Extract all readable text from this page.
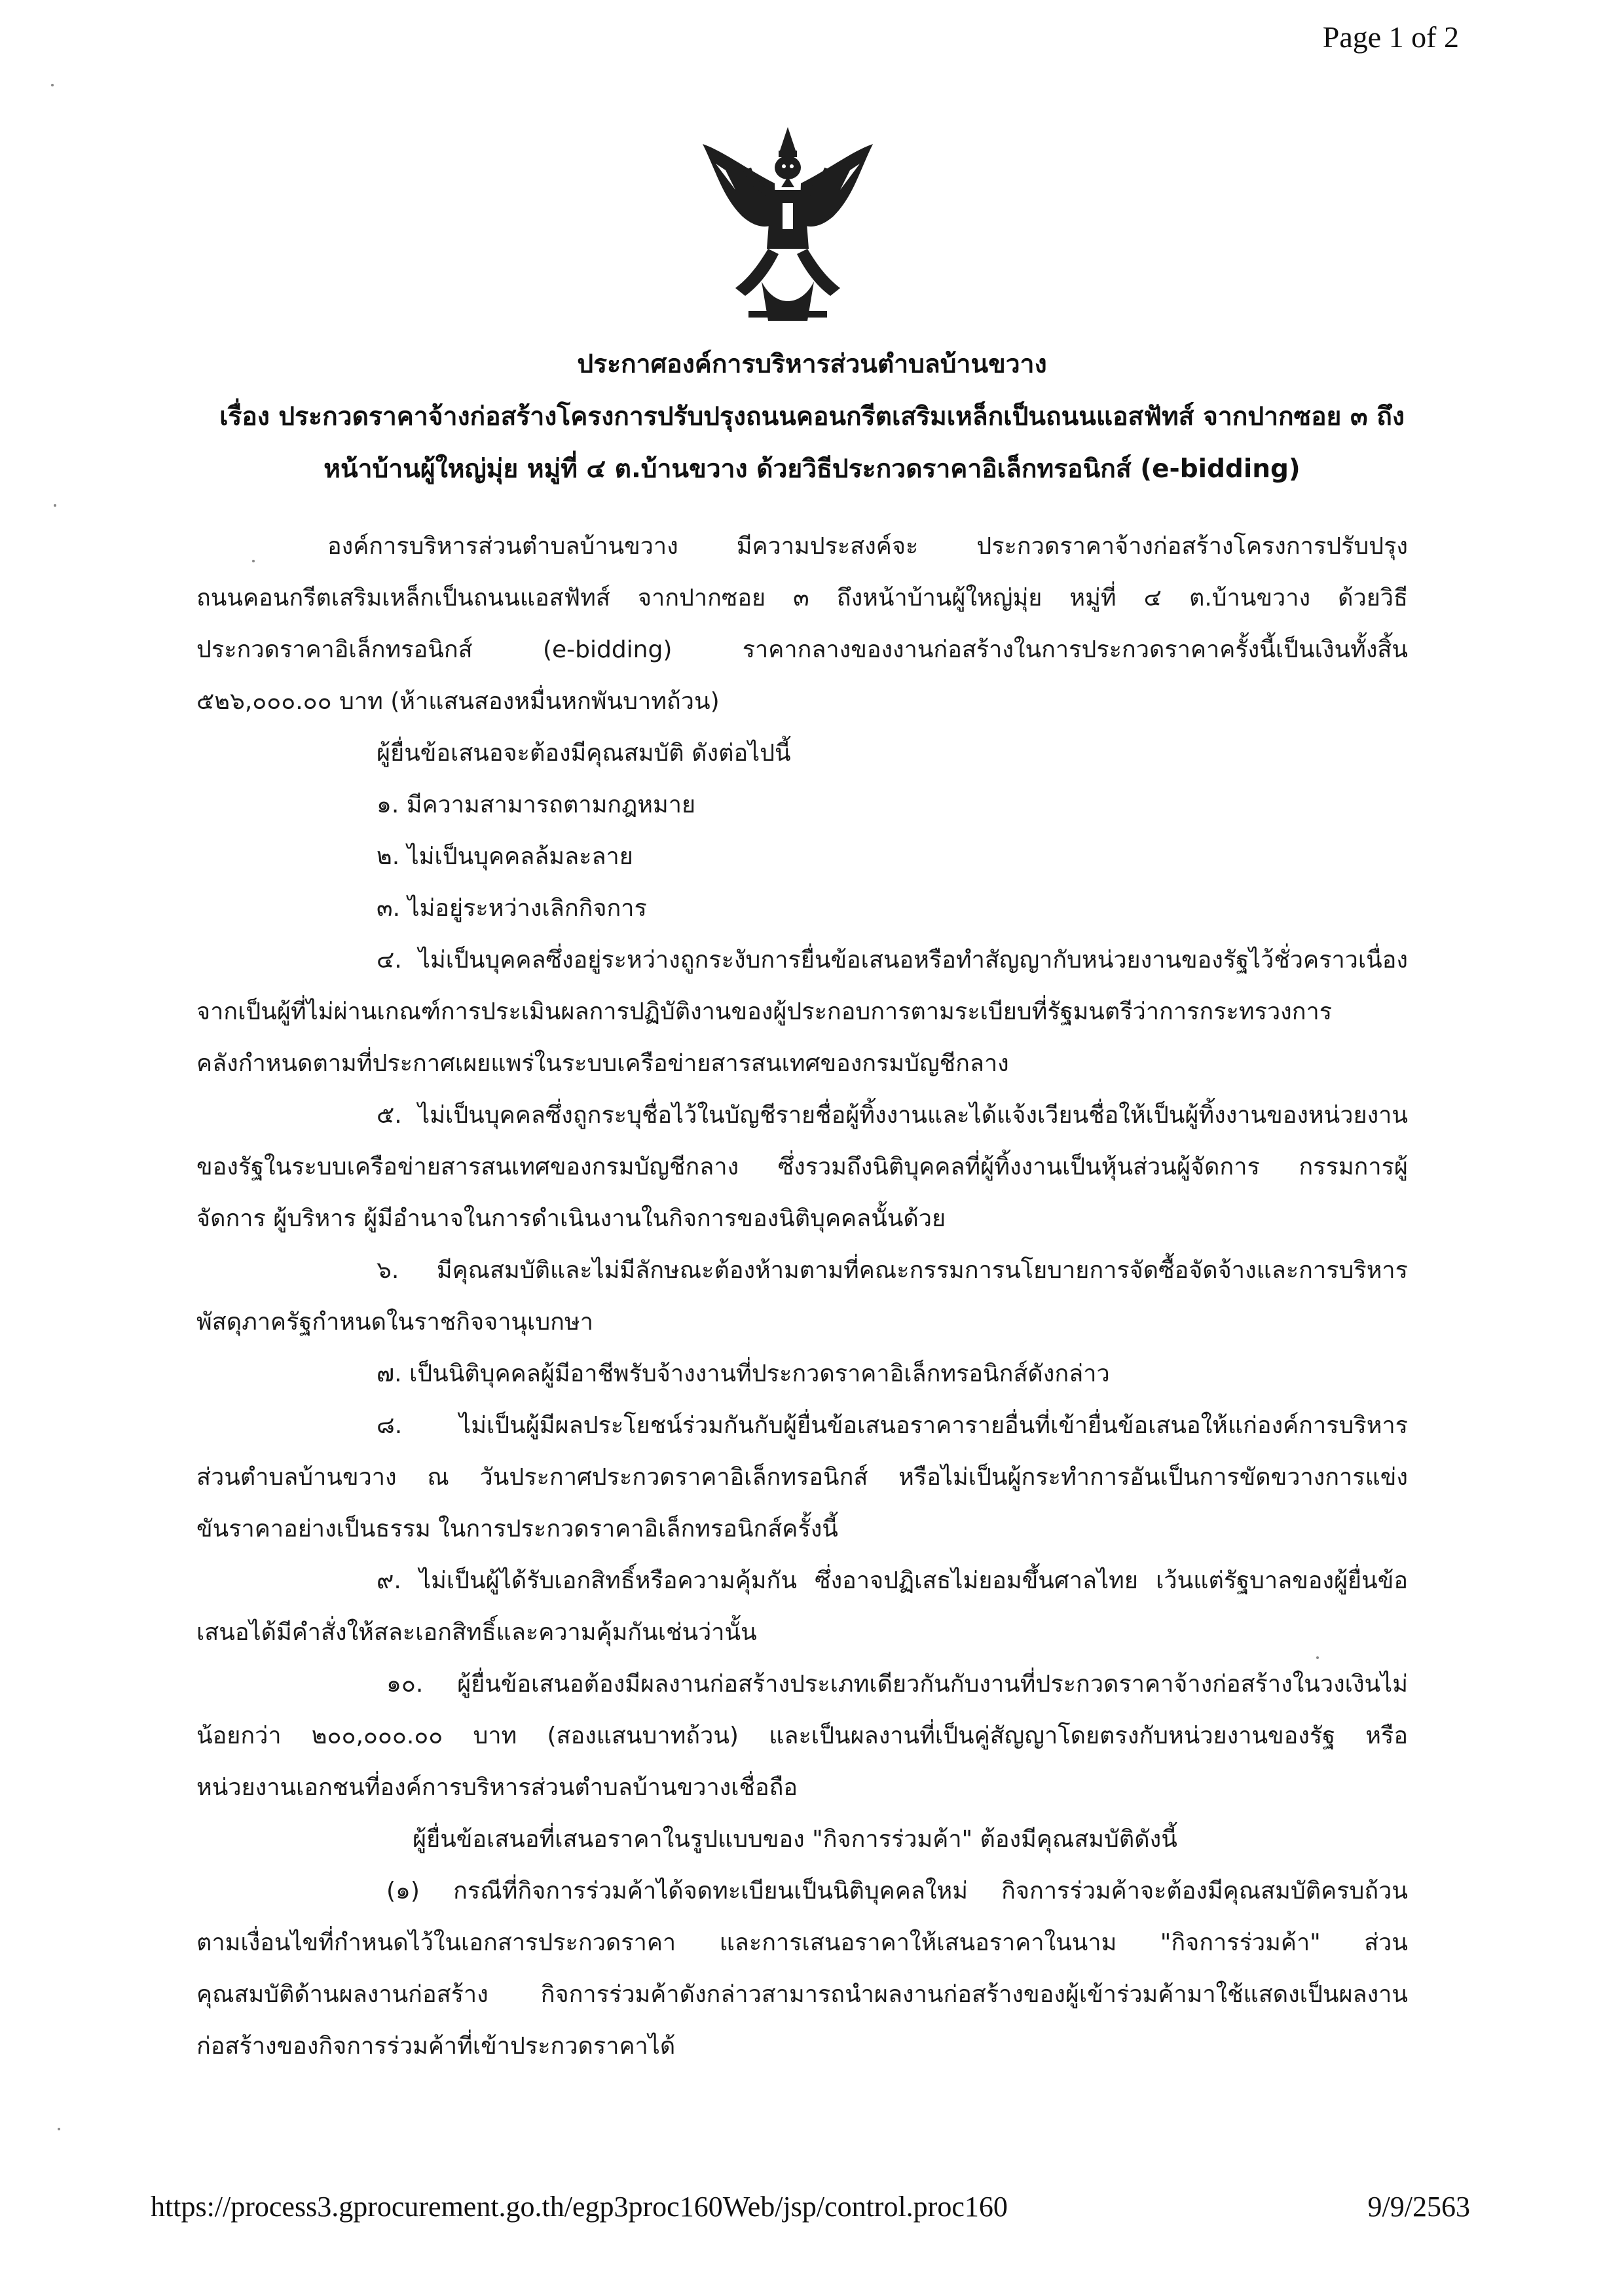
Page 1 of 2
ประกาศองค์การบริหารส่วนตำบลบ้านขวาง
เรื่อง ประกวดราคาจ้างก่อสร้างโครงการปรับปรุงถนนคอนกรีตเสริมเหล็กเป็นถนนแอสฟัทส์ จากปากซอย ๓ ถึง
หน้าบ้านผู้ใหญ่มุ่ย หมู่ที่ ๔ ต.บ้านขวาง ด้วยวิธีประกวดราคาอิเล็กทรอนิกส์ (e-bidding)
องค์การบริหารส่วนตำบลบ้านขวาง มีความประสงค์จะ ประกวดราคาจ้างก่อสร้างโครงการปรับปรุง
ถนนคอนกรีตเสริมเหล็กเป็นถนนแอสฟัทส์ จากปากซอย ๓ ถึงหน้าบ้านผู้ใหญ่มุ่ย หมู่ที่ ๔ ต.บ้านขวาง ด้วยวิธี
ประกวดราคาอิเล็กทรอนิกส์ (e-bidding) ราคากลางของงานก่อสร้างในการประกวดราคาครั้งนี้เป็นเงินทั้งสิ้น
๕๒๖,๐๐๐.๐๐ บาท (ห้าแสนสองหมื่นหกพันบาทถ้วน)
ผู้ยื่นข้อเสนอจะต้องมีคุณสมบัติ ดังต่อไปนี้
๑. มีความสามารถตามกฎหมาย
๒. ไม่เป็นบุคคลล้มละลาย
๓. ไม่อยู่ระหว่างเลิกกิจการ
๔. ไม่เป็นบุคคลซึ่งอยู่ระหว่างถูกระงับการยื่นข้อเสนอหรือทำสัญญากับหน่วยงานของรัฐไว้ชั่วคราวเนื่อง
จากเป็นผู้ที่ไม่ผ่านเกณฑ์การประเมินผลการปฏิบัติงานของผู้ประกอบการตามระเบียบที่รัฐมนตรีว่าการกระทรวงการ
คลังกำหนดตามที่ประกาศเผยแพร่ในระบบเครือข่ายสารสนเทศของกรมบัญชีกลาง
๕. ไม่เป็นบุคคลซึ่งถูกระบุชื่อไว้ในบัญชีรายชื่อผู้ทิ้งงานและได้แจ้งเวียนชื่อให้เป็นผู้ทิ้งงานของหน่วยงาน
ของรัฐในระบบเครือข่ายสารสนเทศของกรมบัญชีกลาง ซึ่งรวมถึงนิติบุคคลที่ผู้ทิ้งงานเป็นหุ้นส่วนผู้จัดการ กรรมการผู้
จัดการ ผู้บริหาร ผู้มีอำนาจในการดำเนินงานในกิจการของนิติบุคคลนั้นด้วย
๖. มีคุณสมบัติและไม่มีลักษณะต้องห้ามตามที่คณะกรรมการนโยบายการจัดซื้อจัดจ้างและการบริหาร
พัสดุภาครัฐกำหนดในราชกิจจานุเบกษา
๗. เป็นนิติบุคคลผู้มีอาชีพรับจ้างงานที่ประกวดราคาอิเล็กทรอนิกส์ดังกล่าว
๘. ไม่เป็นผู้มีผลประโยชน์ร่วมกันกับผู้ยื่นข้อเสนอราคารายอื่นที่เข้ายื่นข้อเสนอให้แก่องค์การบริหาร
ส่วนตำบลบ้านขวาง ณ วันประกาศประกวดราคาอิเล็กทรอนิกส์ หรือไม่เป็นผู้กระทำการอันเป็นการขัดขวางการแข่ง
ขันราคาอย่างเป็นธรรม ในการประกวดราคาอิเล็กทรอนิกส์ครั้งนี้
๙. ไม่เป็นผู้ได้รับเอกสิทธิ์หรือความคุ้มกัน ซึ่งอาจปฏิเสธไม่ยอมขึ้นศาลไทย เว้นแต่รัฐบาลของผู้ยื่นข้อ
เสนอได้มีคำสั่งให้สละเอกสิทธิ์และความคุ้มกันเช่นว่านั้น
๑๐. ผู้ยื่นข้อเสนอต้องมีผลงานก่อสร้างประเภทเดียวกันกับงานที่ประกวดราคาจ้างก่อสร้างในวงเงินไม่
น้อยกว่า ๒๐๐,๐๐๐.๐๐ บาท (สองแสนบาทถ้วน) และเป็นผลงานที่เป็นคู่สัญญาโดยตรงกับหน่วยงานของรัฐ หรือ
หน่วยงานเอกชนที่องค์การบริหารส่วนตำบลบ้านขวางเชื่อถือ
ผู้ยื่นข้อเสนอที่เสนอราคาในรูปแบบของ "กิจการร่วมค้า" ต้องมีคุณสมบัติดังนี้
(๑) กรณีที่กิจการร่วมค้าได้จดทะเบียนเป็นนิติบุคคลใหม่ กิจการร่วมค้าจะต้องมีคุณสมบัติครบถ้วน
ตามเงื่อนไขที่กำหนดไว้ในเอกสารประกวดราคา และการเสนอราคาให้เสนอราคาในนาม "กิจการร่วมค้า" ส่วน
คุณสมบัติด้านผลงานก่อสร้าง กิจการร่วมค้าดังกล่าวสามารถนำผลงานก่อสร้างของผู้เข้าร่วมค้ามาใช้แสดงเป็นผลงาน
ก่อสร้างของกิจการร่วมค้าที่เข้าประกวดราคาได้
https://process3.gprocurement.go.th/egp3proc160Web/jsp/control.proc160	9/9/2563
